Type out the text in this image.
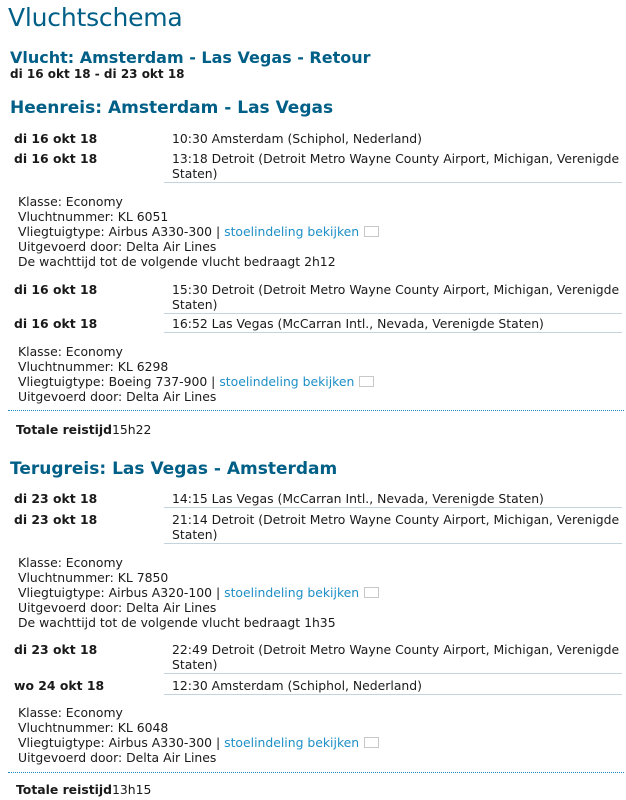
Vluchtschema
Vlucht: Amsterdam - Las Vegas - Retour
di 16 okt 18 - di 23 okt 18
Heenreis: Amsterdam - Las Vegas
di 16 okt 18	10:30 Amsterdam (Schiphol, Nederland)
di 16 okt 18	13:18 Detroit (Detroit Metro Wayne County Airport, Michigan, Verenigde Staten)
Klasse: Economy
Vluchtnummer: KL 6051
Vliegtuigtype: Airbus A330-300 | stoelindeling bekijken
Uitgevoerd door: Delta Air Lines
De wachttijd tot de volgende vlucht bedraagt 2h12
di 16 okt 18	15:30 Detroit (Detroit Metro Wayne County Airport, Michigan, Verenigde Staten)
di 16 okt 18	16:52 Las Vegas (McCarran Intl., Nevada, Verenigde Staten)
Klasse: Economy
Vluchtnummer: KL 6298
Vliegtuigtype: Boeing 737-900 | stoelindeling bekijken
Uitgevoerd door: Delta Air Lines
Totale reistijd15h22
Terugreis: Las Vegas - Amsterdam
di 23 okt 18	14:15 Las Vegas (McCarran Intl., Nevada, Verenigde Staten)
di 23 okt 18	21:14 Detroit (Detroit Metro Wayne County Airport, Michigan, Verenigde Staten)
Klasse: Economy
Vluchtnummer: KL 7850
Vliegtuigtype: Airbus A320-100 | stoelindeling bekijken
Uitgevoerd door: Delta Air Lines
De wachttijd tot de volgende vlucht bedraagt 1h35
di 23 okt 18	22:49 Detroit (Detroit Metro Wayne County Airport, Michigan, Verenigde Staten)
wo 24 okt 18	12:30 Amsterdam (Schiphol, Nederland)
Klasse: Economy
Vluchtnummer: KL 6048
Vliegtuigtype: Airbus A330-300 | stoelindeling bekijken
Uitgevoerd door: Delta Air Lines
Totale reistijd13h15
